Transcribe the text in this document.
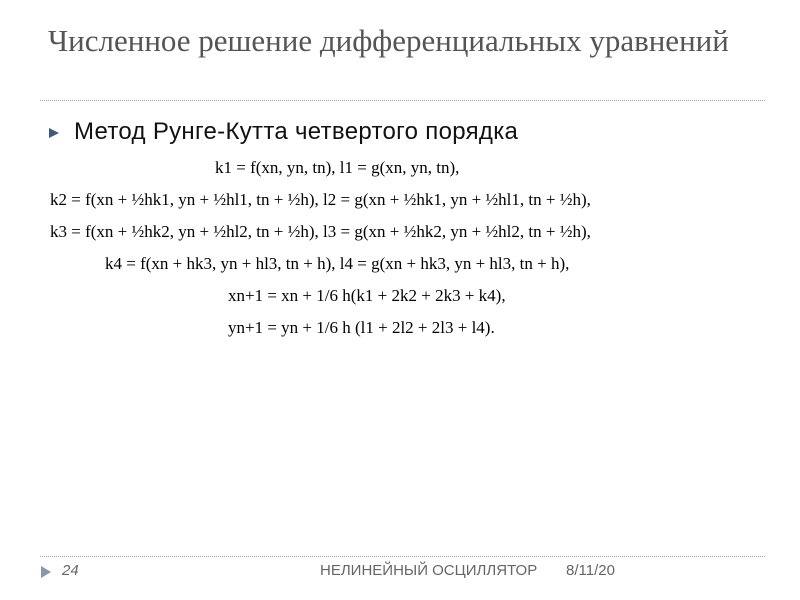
Численное решение дифференциальных уравнений
Метод Рунге-Кутта четвертого порядка
k1 = f(xn, yn, tn), l1 = g(xn, yn, tn),
k2 = f(xn + ½hk1, yn + ½hl1, tn + ½h), l2 = g(xn + ½hk1, yn + ½hl1, tn + ½h),
k3 = f(xn + ½hk2, yn + ½hl2, tn + ½h), l3 = g(xn + ½hk2, yn + ½hl2, tn + ½h),
k4 = f(xn + hk3, yn + hl3, tn + h), l4 = g(xn + hk3, yn + hl3, tn + h),
xn+1 = xn + 1/6 h(k1 + 2k2 + 2k3 + k4),
yn+1 = yn + 1/6 h (l1 + 2l2 + 2l3 + l4).
24	НЕЛИНЕЙНЫЙ ОСЦИЛЛЯТОР 8/11/20
